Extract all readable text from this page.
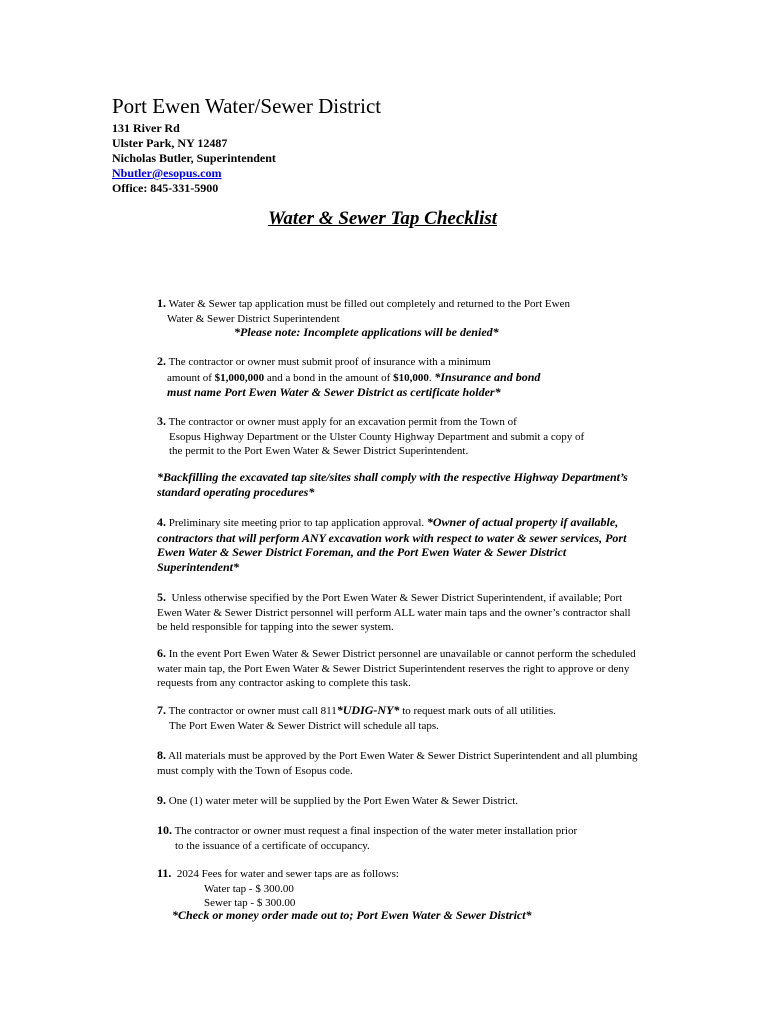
Port Ewen Water/Sewer District
131 River Rd
Ulster Park, NY 12487
Nicholas Butler, Superintendent
Nbutler@esopus.com
Office: 845-331-5900
Water & Sewer Tap Checklist
1. Water & Sewer tap application must be filled out completely and returned to the Port Ewen
Water & Sewer District Superintendent
*Please note: Incomplete applications will be denied*
2. The contractor or owner must submit proof of insurance with a minimum
amount of $1,000,000 and a bond in the amount of $10,000. *Insurance and bond
must name Port Ewen Water & Sewer District as certificate holder*
3. The contractor or owner must apply for an excavation permit from the Town of
Esopus Highway Department or the Ulster County Highway Department and submit a copy of
the permit to the Port Ewen Water & Sewer District Superintendent.
*Backfilling the excavated tap site/sites shall comply with the respective Highway Department’s
standard operating procedures*
4. Preliminary site meeting prior to tap application approval. *Owner of actual property if available,
contractors that will perform ANY excavation work with respect to water & sewer services, Port
Ewen Water & Sewer District Foreman, and the Port Ewen Water & Sewer District
Superintendent*
5. Unless otherwise specified by the Port Ewen Water & Sewer District Superintendent, if available; Port
Ewen Water & Sewer District personnel will perform ALL water main taps and the owner’s contractor shall
be held responsible for tapping into the sewer system.
6. In the event Port Ewen Water & Sewer District personnel are unavailable or cannot perform the scheduled
water main tap, the Port Ewen Water & Sewer District Superintendent reserves the right to approve or deny
requests from any contractor asking to complete this task.
7. The contractor or owner must call 811*UDIG-NY* to request mark outs of all utilities.
The Port Ewen Water & Sewer District will schedule all taps.
8. All materials must be approved by the Port Ewen Water & Sewer District Superintendent and all plumbing
must comply with the Town of Esopus code.
9. One (1) water meter will be supplied by the Port Ewen Water & Sewer District.
10. The contractor or owner must request a final inspection of the water meter installation prior
to the issuance of a certificate of occupancy.
11. 2024 Fees for water and sewer taps are as follows:
Water tap - $ 300.00
Sewer tap - $ 300.00
*Check or money order made out to; Port Ewen Water & Sewer District*
